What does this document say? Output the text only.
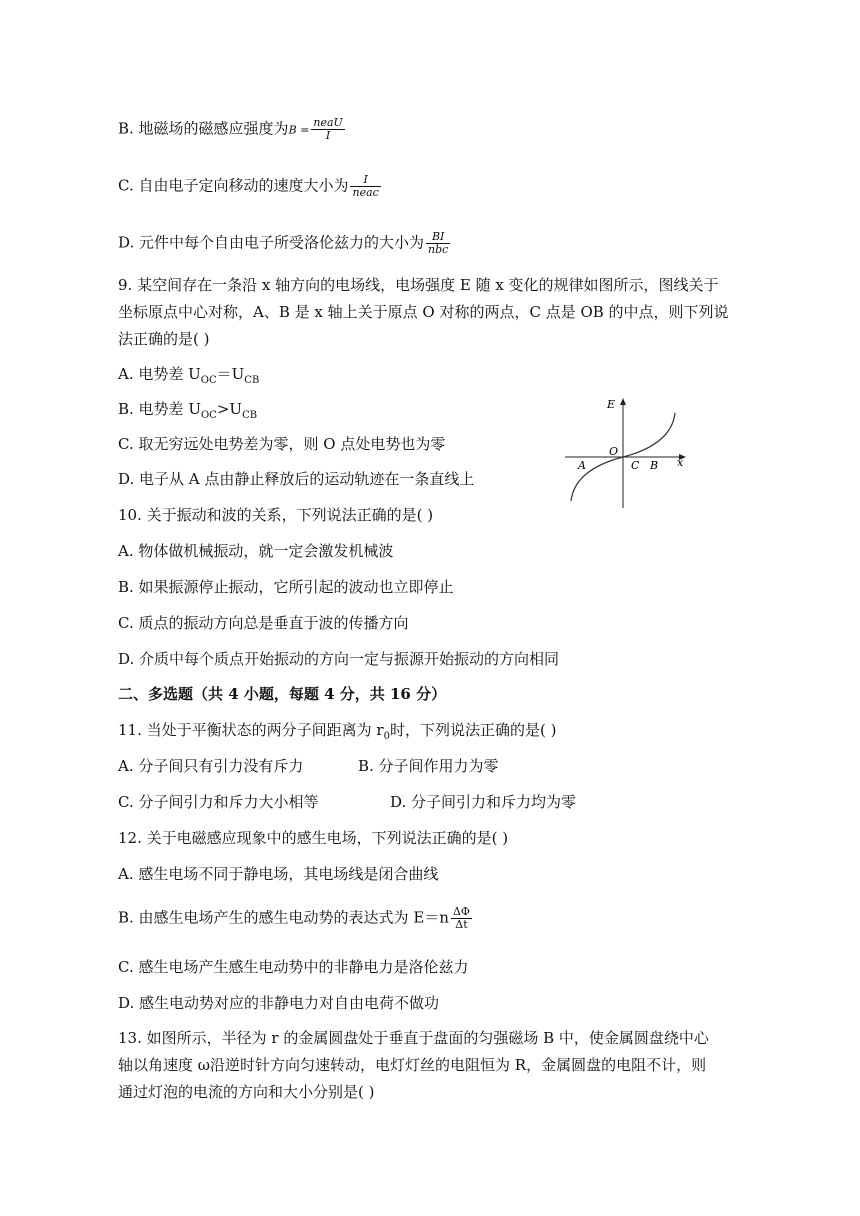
B. 地磁场的磁感应强度为$B = \frac{\text{neaU}}{I}$
C. 自由电子定向移动的速度大小为 $\frac{I}{\text{neac}}$
D. 元件中每个自由电子所受洛伦兹力的大小为 $\frac{BI}{\text{nbc}}$
9. 某空间存在一条沿 x 轴方向的电场线，电场强度 E 随 x 变化的规律如图所示，图线关于
坐标原点中心对称，A、B 是 x 轴上关于原点 O 对称的两点，C 点是 OB 的中点，则下列说
法正确的是( )
A. 电势差 $U_{OC}=U_{CB}$
B. 电势差 $U_{OC}>U_{CB}$
C. 取无穷远处电势差为零，则 O 点处电势也为零
D. 电子从 A 点由静止释放后的运动轨迹在一条直线上
E
x
O
A	C B
10. 关于振动和波的关系，下列说法正确的是( )
A. 物体做机械振动，就一定会激发机械波
B. 如果振源停止振动，它所引起的波动也立即停止
C. 质点的振动方向总是垂直于波的传播方向
D. 介质中每个质点开始振动的方向一定与振源开始振动的方向相同
二、多选题（共 4 小题，每题 4 分，共 16 分）
11. 当处于平衡状态的两分子间距离为 $r_0$时，下列说法正确的是( )
A. 分子间只有引力没有斥力	B. 分子间作用力为零
C. 分子间引力和斥力大小相等	D. 分子间引力和斥力均为零
12. 关于电磁感应现象中的感生电场，下列说法正确的是( )
A. 感生电场不同于静电场，其电场线是闭合曲线
B. 由感生电场产生的感生电动势的表达式为 $E=n \frac{\Delta\Phi}{\Delta t}$
C. 感生电场产生感生电动势中的非静电力是洛伦兹力
D. 感生电动势对应的非静电力对自由电荷不做功
13. 如图所示，半径为 r 的金属圆盘处于垂直于盘面的匀强磁场 B 中，使金属圆盘绕中心
轴以角速度 ω沿逆时针方向匀速转动，电灯灯丝的电阻恒为 R，金属圆盘的电阻不计，则
通过灯泡的电流的方向和大小分别是( )
